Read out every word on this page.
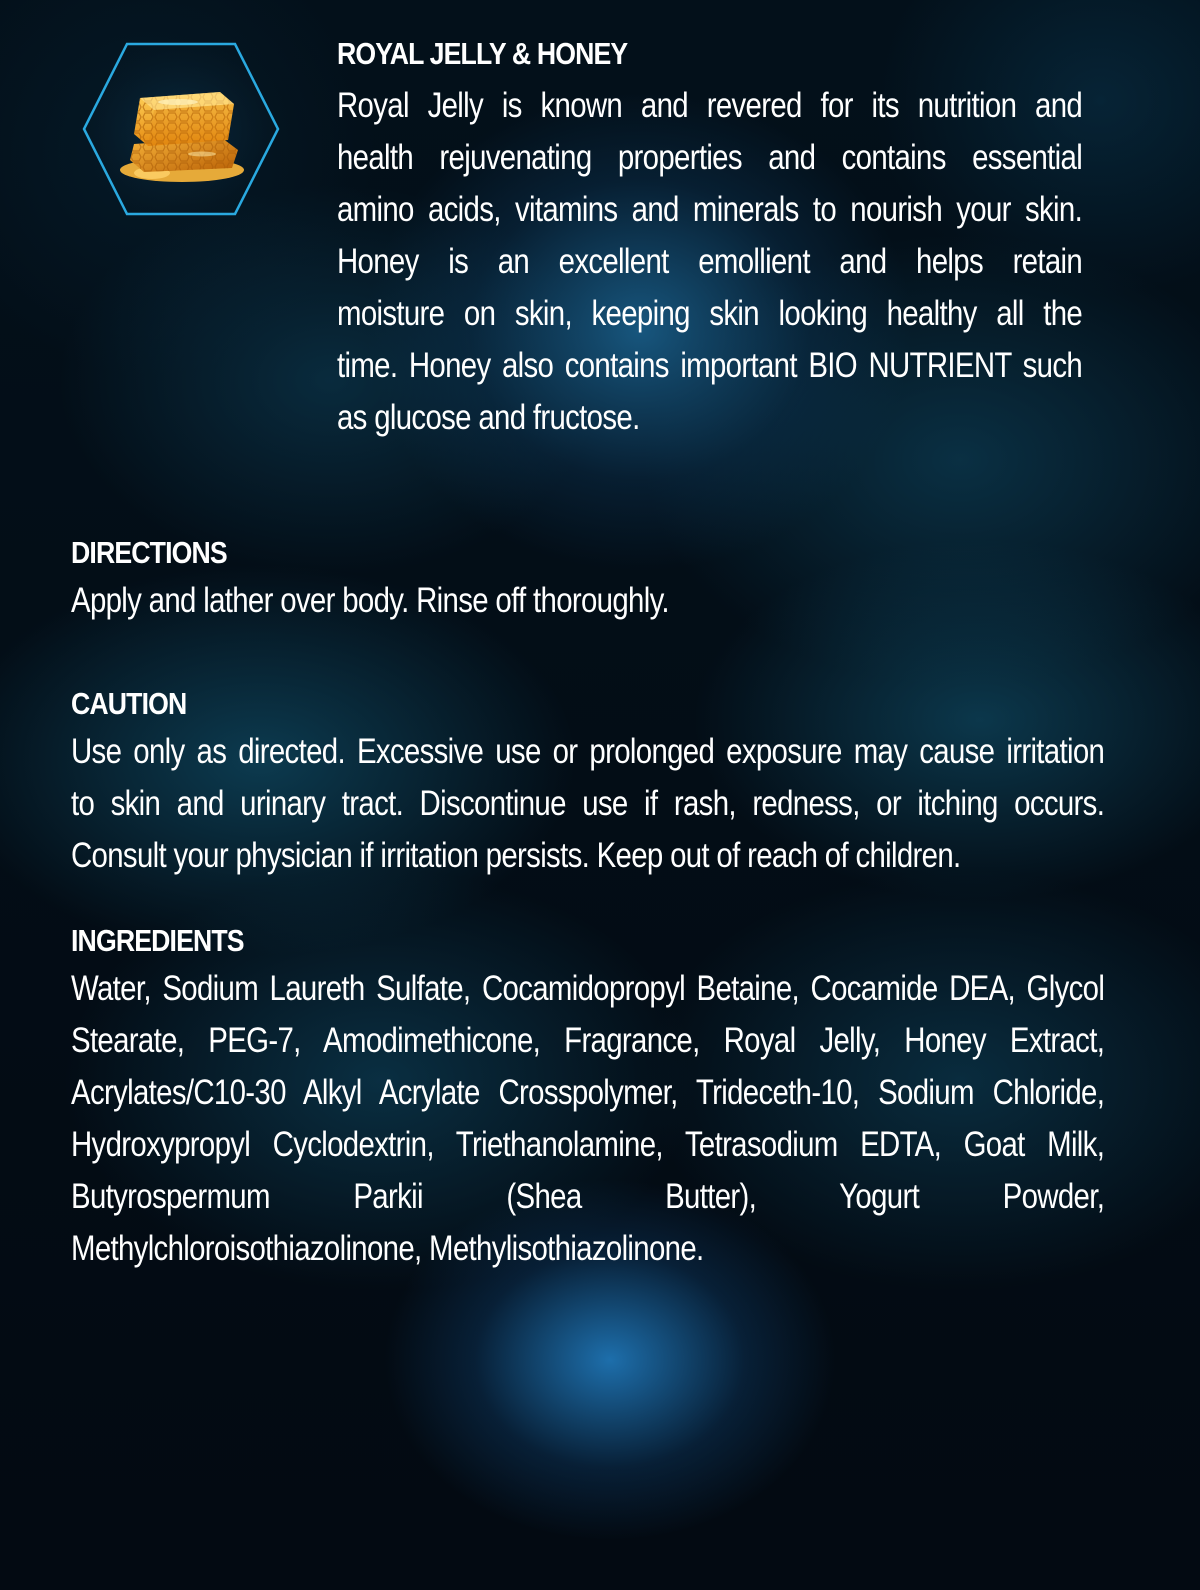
ROYAL JELLY & HONEY
Royal Jelly is known and revered for its nutrition and
health rejuvenating properties and contains essential
amino acids, vitamins and minerals to nourish your skin.
Honey is an excellent emollient and helps retain
moisture on skin, keeping skin looking healthy all the
time. Honey also contains important BIO NUTRIENT such
as glucose and fructose.
DIRECTIONS
Apply and lather over body. Rinse off thoroughly.
CAUTION
Use only as directed. Excessive use or prolonged exposure may cause irritation
to skin and urinary tract. Discontinue use if rash, redness, or itching occurs.
Consult your physician if irritation persists. Keep out of reach of children.
INGREDIENTS
Water, Sodium Laureth Sulfate, Cocamidopropyl Betaine, Cocamide DEA, Glycol
Stearate, PEG-7, Amodimethicone, Fragrance, Royal Jelly, Honey Extract,
Acrylates/C10-30 Alkyl Acrylate Crosspolymer, Trideceth-10, Sodium Chloride,
Hydroxypropyl Cyclodextrin, Triethanolamine, Tetrasodium EDTA, Goat Milk,
Butyrospermum Parkii (Shea Butter), Yogurt Powder,
Methylchloroisothiazolinone, Methylisothiazolinone.
